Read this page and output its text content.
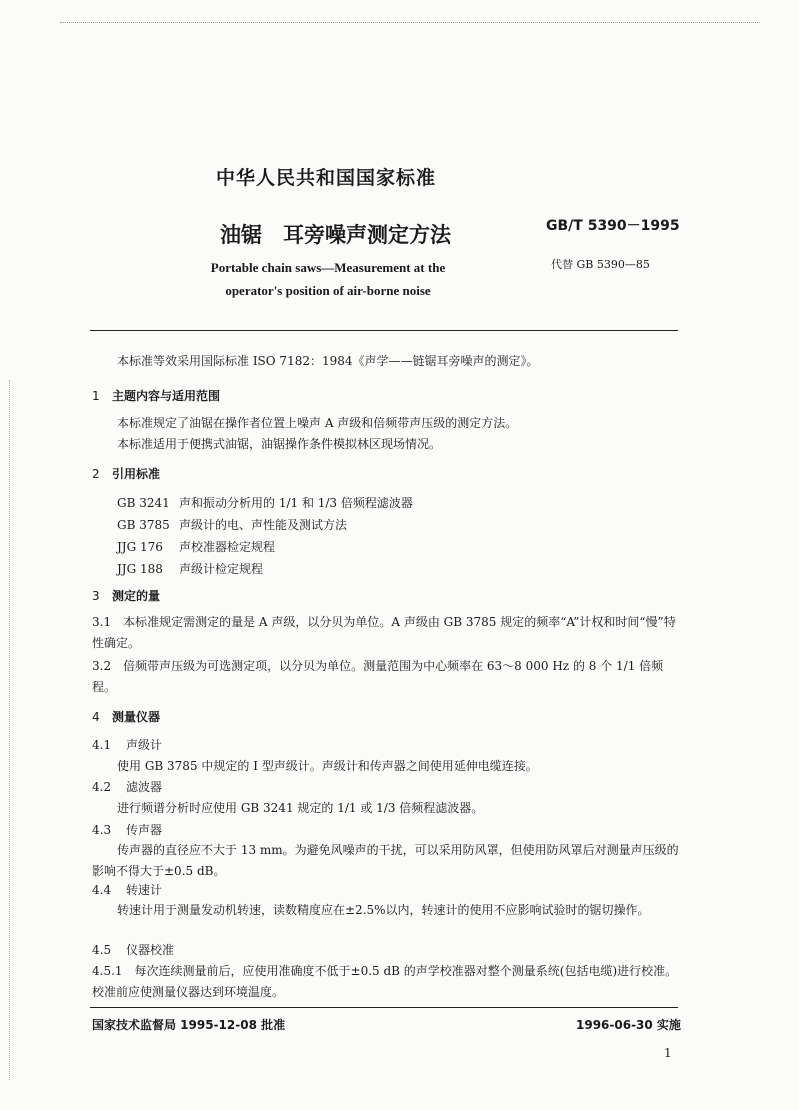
中华人民共和国国家标准
油锯　耳旁噪声测定方法	GB/T 5390－1995
代替 GB 5390—85
Portable chain saws—Measurement at the
operator's position of air-borne noise
本标准等效采用国际标准 ISO 7182：1984《声学——链锯耳旁噪声的测定》。
1 主题内容与适用范围
本标准规定了油锯在操作者位置上噪声 A 声级和倍频带声压级的测定方法。
本标准适用于便携式油锯，油锯操作条件模拟林区现场情况。
2 引用标准
GB 3241 声和振动分析用的 1/1 和 1/3 倍频程滤波器
GB 3785 声级计的电、声性能及测试方法
JJG 176 声校准器检定规程
JJG 188 声级计检定规程
3 测定的量
3.1　本标准规定需测定的量是 A 声级，以分贝为单位。A 声级由 GB 3785 规定的频率“A”计权和时间“慢”特性确定。
3.2　倍频带声压级为可选测定项，以分贝为单位。测量范围为中心频率在 63～8 000 Hz 的 8 个 1/1 倍频程。
4 测量仪器
4.1 声级计
使用 GB 3785 中规定的 I 型声级计。声级计和传声器之间使用延伸电缆连接。
4.2 滤波器
进行频谱分析时应使用 GB 3241 规定的 1/1 或 1/3 倍频程滤波器。
4.3 传声器
传声器的直径应不大于 13 mm。为避免风噪声的干扰，可以采用防风罩，但使用防风罩后对测量声压级的影响不得大于±0.5 dB。
4.4 转速计
转速计用于测量发动机转速，读数精度应在±2.5%以内，转速计的使用不应影响试验时的锯切操作。
4.5 仪器校准
4.5.1　每次连续测量前后，应使用准确度不低于±0.5 dB 的声学校准器对整个测量系统(包括电缆)进行校准。校准前应使测量仪器达到环境温度。
国家技术监督局 1995-12-08 批准	1996-06-30 实施
1
